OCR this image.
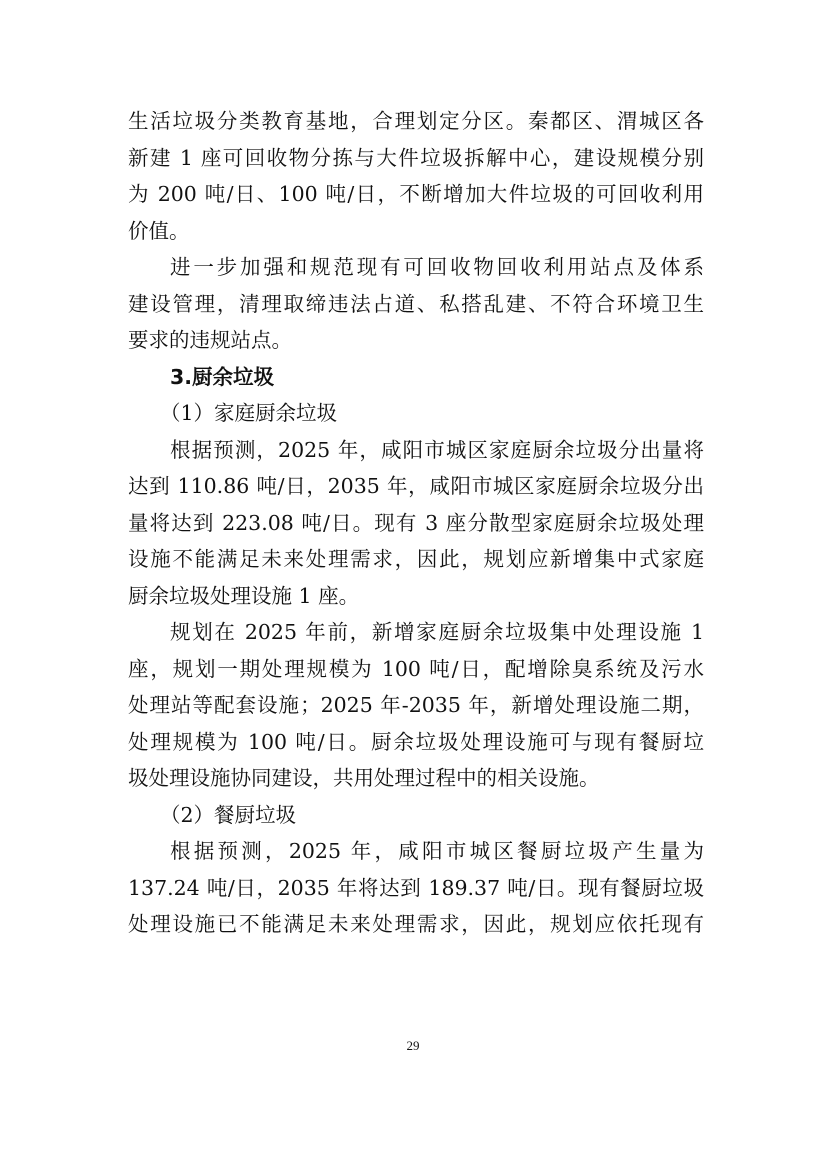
生活垃圾分类教育基地，合理划定分区。秦都区、渭城区各
新建 1 座可回收物分拣与大件垃圾拆解中心，建设规模分别
为 200 吨/日、100 吨/日，不断增加大件垃圾的可回收利用
价值。
进一步加强和规范现有可回收物回收利用站点及体系
建设管理，清理取缔违法占道、私搭乱建、不符合环境卫生
要求的违规站点。
3.厨余垃圾
（1）家庭厨余垃圾
根据预测，2025 年，咸阳市城区家庭厨余垃圾分出量将
达到 110.86 吨/日，2035 年，咸阳市城区家庭厨余垃圾分出
量将达到 223.08 吨/日。现有 3 座分散型家庭厨余垃圾处理
设施不能满足未来处理需求，因此，规划应新增集中式家庭
厨余垃圾处理设施 1 座。
规划在 2025 年前，新增家庭厨余垃圾集中处理设施 1
座，规划一期处理规模为 100 吨/日，配增除臭系统及污水
处理站等配套设施；2025 年-2035 年，新增处理设施二期，
处理规模为 100 吨/日。厨余垃圾处理设施可与现有餐厨垃
圾处理设施协同建设，共用处理过程中的相关设施。
（2）餐厨垃圾
根据预测，2025 年，咸阳市城区餐厨垃圾产生量为
137.24 吨/日，2035 年将达到 189.37 吨/日。现有餐厨垃圾
处理设施已不能满足未来处理需求，因此，规划应依托现有
29
